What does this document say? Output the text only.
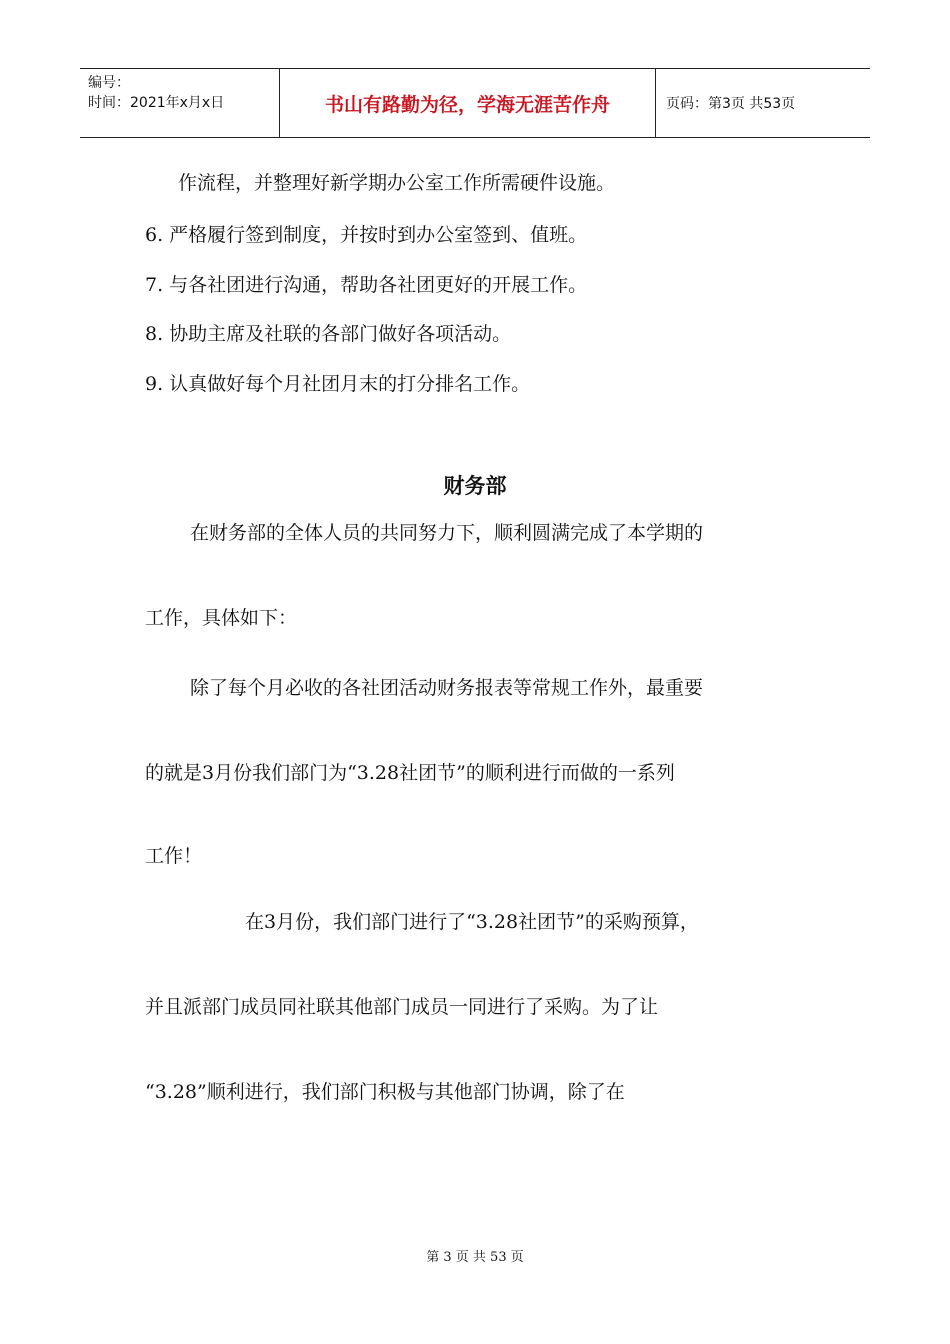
编号：
时间：2021年x月x日	书山有路勤为径，学海无涯苦作舟	页码：第3页 共53页
作流程，并整理好新学期办公室工作所需硬件设施。
6. 严格履行签到制度，并按时到办公室签到、值班。
7. 与各社团进行沟通，帮助各社团更好的开展工作。
8. 协助主席及社联的各部门做好各项活动。
9. 认真做好每个月社团月末的打分排名工作。
财务部
在财务部的全体人员的共同努力下，顺利圆满完成了本学期的
工作，具体如下：
除了每个月必收的各社团活动财务报表等常规工作外，最重要
的就是3月份我们部门为“3.28社团节”的顺利进行而做的一系列
工作！
在3月份，我们部门进行了“3.28社团节”的采购预算，
并且派部门成员同社联其他部门成员一同进行了采购。为了让
“3.28”顺利进行，我们部门积极与其他部门协调，除了在
第 3 页 共 53 页
